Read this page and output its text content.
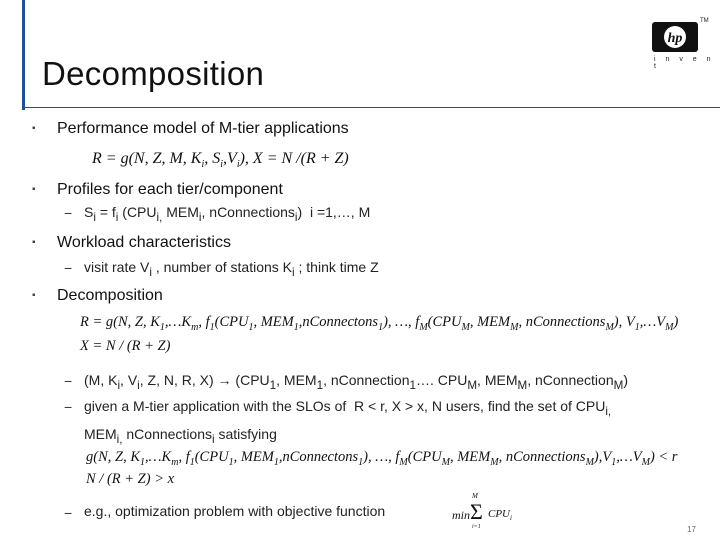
Decomposition
hp
TM
i n v e n t
▪ Performance model of M-tier applications
R = g(N, Z, M, $K_i$, $S_i,V_i$), X = N /(R + Z)
▪ Profiles for each tier/component
− $S_i = f_i$ ($CPU_{i,}$ $MEM_i$, nConnections$_i$)  i =1,…, M
▪ Workload characteristics
− visit rate $V_i$ , number of stations $K_i$ ; think time Z
▪ Decomposition
R = g(N, Z, $K_1,\dots K_m$, $f_1(CPU_1$, $MEM_1,nConnectons_1$), …, $f_M(CPU_M$, $MEM_M$, nConnections$_M$), $V_1,\dots V_M$)
X = N / (R + Z)
− (M, $K_i$, $V_i$, Z, N, R, $X) \to (CPU_1$, $MEM_1$, nConnection$_1$…. $CPU_M$, $MEM_M$, nConnection$_M$)
− given a M-tier application with the SLOs of  R < r, X > x, N users, find the set of $CPU_{i,}$
$MEM_{i,}$ nConnections$_i$ satisfying
g(N, Z, $K_1,\dots K_m$, $f_1(CPU_1$, $MEM_1,nConnectons_1$), …, $f_M(CPU_M$, $MEM_M$, $nConnections_M),V_1,\dots V_M) < r$
N / (R + Z) > x
− e.g., optimization problem with objective function	min
M
Σ
i=1
$CPU_i$
17
